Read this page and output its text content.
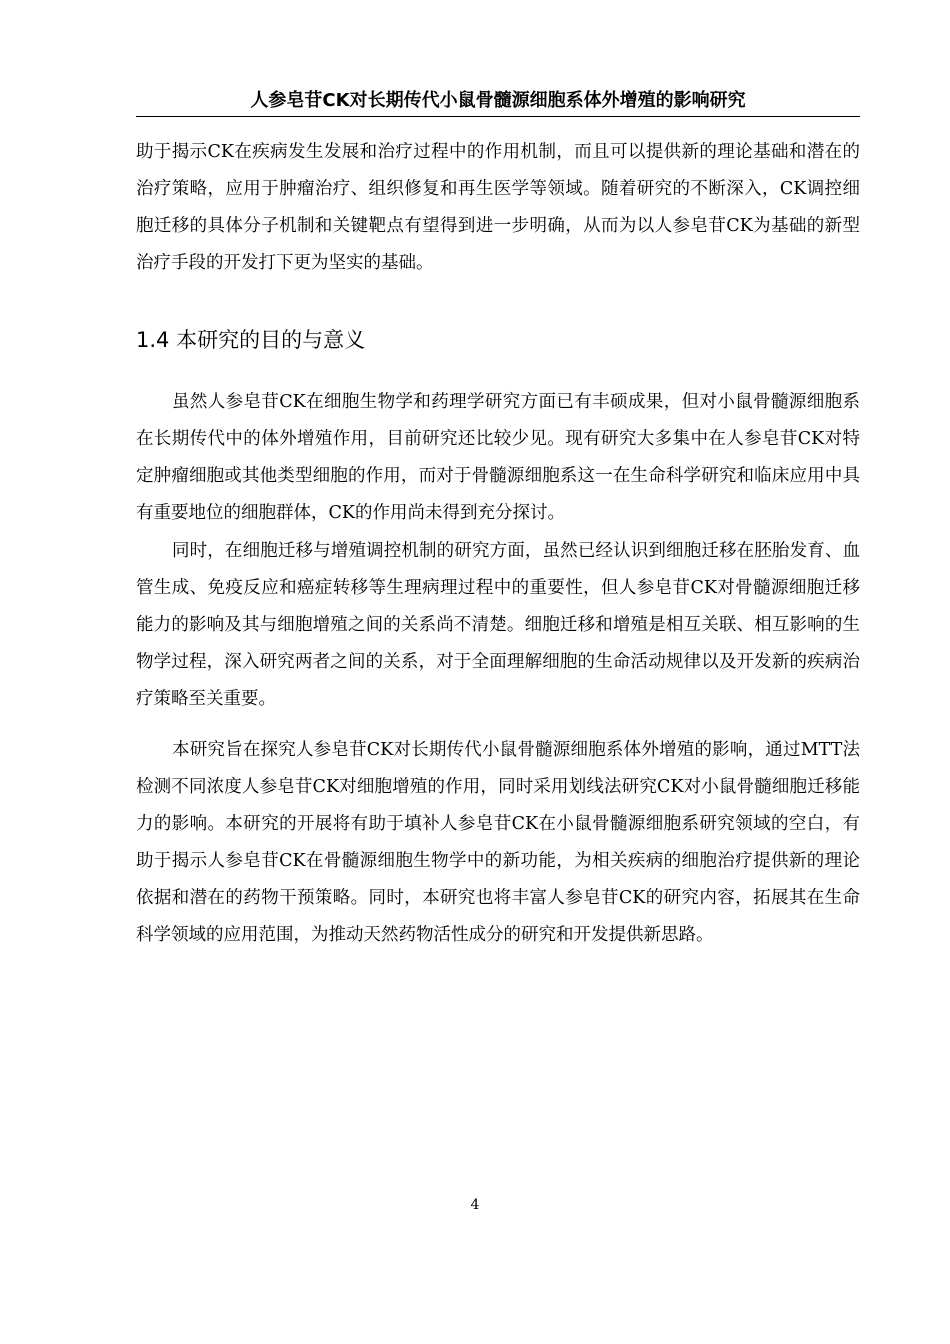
人参皂苷CK对长期传代小鼠骨髓源细胞系体外增殖的影响研究

助于揭示CK在疾病发生发展和治疗过程中的作用机制，而且可以提供新的理论基础和潜在的治疗策略，应用于肿瘤治疗、组织修复和再生医学等领域。随着研究的不断深入，CK调控细胞迁移的具体分子机制和关键靶点有望得到进一步明确，从而为以人参皂苷CK为基础的新型治疗手段的开发打下更为坚实的基础。

1.4 本研究的目的与意义

虽然人参皂苷CK在细胞生物学和药理学研究方面已有丰硕成果，但对小鼠骨髓源细胞系在长期传代中的体外增殖作用，目前研究还比较少见。现有研究大多集中在人参皂苷CK对特定肿瘤细胞或其他类型细胞的作用，而对于骨髓源细胞系这一在生命科学研究和临床应用中具有重要地位的细胞群体，CK的作用尚未得到充分探讨。

同时，在细胞迁移与增殖调控机制的研究方面，虽然已经认识到细胞迁移在胚胎发育、血管生成、免疫反应和癌症转移等生理病理过程中的重要性，但人参皂苷CK对骨髓源细胞迁移能力的影响及其与细胞增殖之间的关系尚不清楚。细胞迁移和增殖是相互关联、相互影响的生物学过程，深入研究两者之间的关系，对于全面理解细胞的生命活动规律以及开发新的疾病治疗策略至关重要。

本研究旨在探究人参皂苷CK对长期传代小鼠骨髓源细胞系体外增殖的影响，通过MTT法检测不同浓度人参皂苷CK对细胞增殖的作用，同时采用划线法研究CK对小鼠骨髓细胞迁移能力的影响。本研究的开展将有助于填补人参皂苷CK在小鼠骨髓源细胞系研究领域的空白，有助于揭示人参皂苷CK在骨髓源细胞生物学中的新功能，为相关疾病的细胞治疗提供新的理论依据和潜在的药物干预策略。同时，本研究也将丰富人参皂苷CK的研究内容，拓展其在生命科学领域的应用范围，为推动天然药物活性成分的研究和开发提供新思路。

4
